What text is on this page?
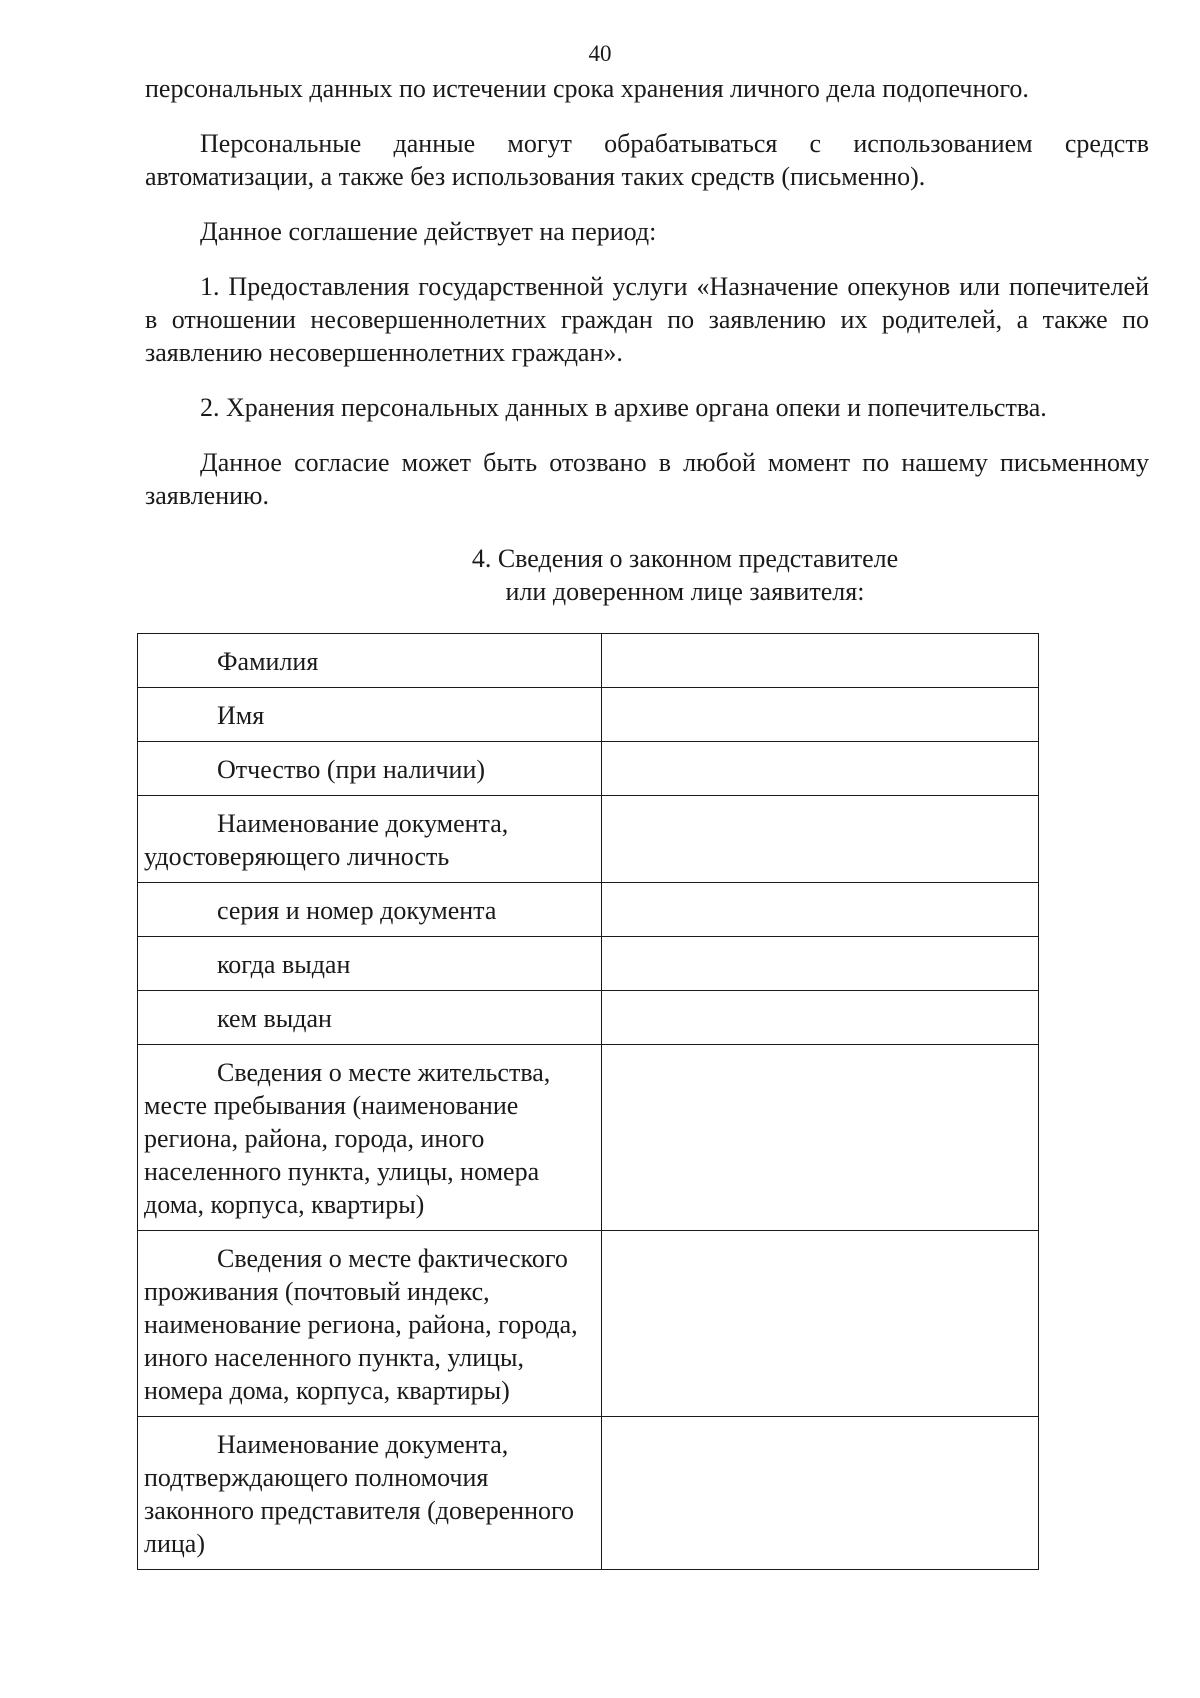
40

персональных данных по истечении срока хранения личного дела подопечного.

Персональные данные могут обрабатываться с использованием средств автоматизации, а также без использования таких средств (письменно).

Данное соглашение действует на период:

1. Предоставления государственной услуги «Назначение опекунов или попечителей в отношении несовершеннолетних граждан по заявлению их родителей, а также по заявлению несовершеннолетних граждан».

2. Хранения персональных данных в архиве органа опеки и попечительства.

Данное согласие может быть отозвано в любой момент по нашему письменному заявлению.

4. Сведения о законном представителе
или доверенном лице заявителя:
Фамилия	

Имя	

Отчество (при наличии)	

Наименование документа, удостоверяющего личность	

серия и номер документа	

когда выдан	

кем выдан	

Сведения о месте жительства, месте пребывания (наименование региона, района, города, иного населенного пункта, улицы, номера дома, корпуса, квартиры)	

Сведения о месте фактического проживания (почтовый индекс, наименование региона, района, города, иного населенного пункта, улицы, номера дома, корпуса, квартиры)	

Наименование документа, подтверждающего полномочия законного представителя (доверенного лица)	
